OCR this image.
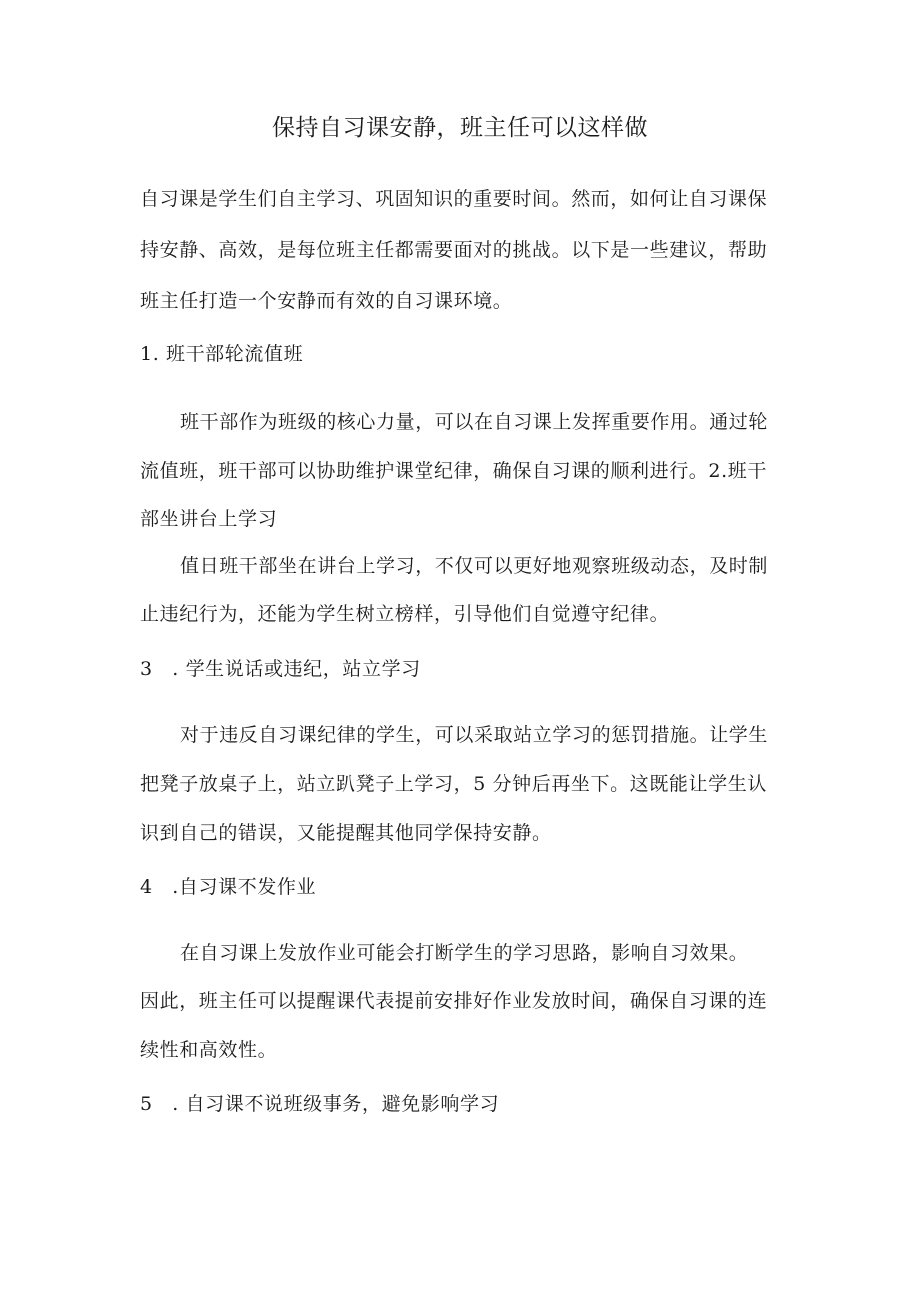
保持自习课安静，班主任可以这样做
自习课是学生们自主学习、巩固知识的重要时间。然而，如何让自习课保
持安静、高效，是每位班主任都需要面对的挑战。以下是一些建议，帮助
班主任打造一个安静而有效的自习课环境。
1. 班干部轮流值班
班干部作为班级的核心力量，可以在自习课上发挥重要作用。通过轮
流值班，班干部可以协助维护课堂纪律，确保自习课的顺利进行。2.班干
部坐讲台上学习
值日班干部坐在讲台上学习，不仅可以更好地观察班级动态，及时制
止违纪行为，还能为学生树立榜样，引导他们自觉遵守纪律。
3　. 学生说话或违纪，站立学习
对于违反自习课纪律的学生，可以采取站立学习的惩罚措施。让学生
把凳子放桌子上，站立趴凳子上学习，5 分钟后再坐下。这既能让学生认
识到自己的错误，又能提醒其他同学保持安静。
4　.自习课不发作业
在自习课上发放作业可能会打断学生的学习思路，影响自习效果。
因此，班主任可以提醒课代表提前安排好作业发放时间，确保自习课的连
续性和高效性。
5　. 自习课不说班级事务，避免影响学习
